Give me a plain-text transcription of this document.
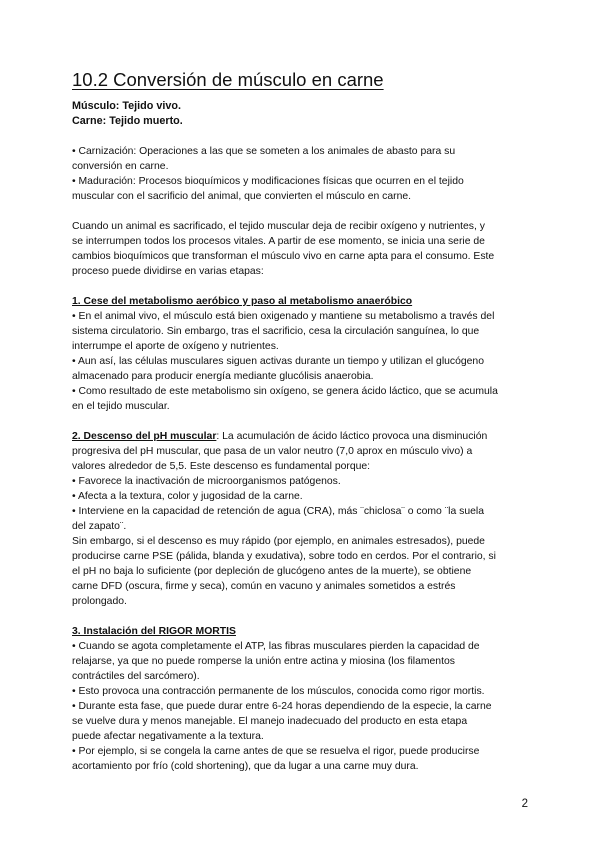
10.2 Conversión de músculo en carne
Músculo: Tejido vivo.
Carne: Tejido muerto.
• Carnización: Operaciones a las que se someten a los animales de abasto para su
conversión en carne.
• Maduración: Procesos bioquímicos y modificaciones físicas que ocurren en el tejido
muscular con el sacrificio del animal, que convierten el músculo en carne.
Cuando un animal es sacrificado, el tejido muscular deja de recibir oxígeno y nutrientes, y
se interrumpen todos los procesos vitales. A partir de ese momento, se inicia una serie de
cambios bioquímicos que transforman el músculo vivo en carne apta para el consumo. Este
proceso puede dividirse en varias etapas:
1. Cese del metabolismo aeróbico y paso al metabolismo anaeróbico
• En el animal vivo, el músculo está bien oxigenado y mantiene su metabolismo a través del
sistema circulatorio. Sin embargo, tras el sacrificio, cesa la circulación sanguínea, lo que
interrumpe el aporte de oxígeno y nutrientes.
• Aun así, las células musculares siguen activas durante un tiempo y utilizan el glucógeno
almacenado para producir energía mediante glucólisis anaerobia.
• Como resultado de este metabolismo sin oxígeno, se genera ácido láctico, que se acumula
en el tejido muscular.
2. Descenso del pH muscular: La acumulación de ácido láctico provoca una disminución
progresiva del pH muscular, que pasa de un valor neutro (7,0 aprox en músculo vivo) a
valores alrededor de 5,5. Este descenso es fundamental porque:
• Favorece la inactivación de microorganismos patógenos.
• Afecta a la textura, color y jugosidad de la carne.
• Interviene en la capacidad de retención de agua (CRA), más ¨chiclosa¨ o como ¨la suela
del zapato¨.
Sin embargo, si el descenso es muy rápido (por ejemplo, en animales estresados), puede
producirse carne PSE (pálida, blanda y exudativa), sobre todo en cerdos. Por el contrario, si
el pH no baja lo suficiente (por depleción de glucógeno antes de la muerte), se obtiene
carne DFD (oscura, firme y seca), común en vacuno y animales sometidos a estrés
prolongado.
3. Instalación del RIGOR MORTIS
• Cuando se agota completamente el ATP, las fibras musculares pierden la capacidad de
relajarse, ya que no puede romperse la unión entre actina y miosina (los filamentos
contráctiles del sarcómero).
• Esto provoca una contracción permanente de los músculos, conocida como rigor mortis.
• Durante esta fase, que puede durar entre 6-24 horas dependiendo de la especie, la carne
se vuelve dura y menos manejable. El manejo inadecuado del producto en esta etapa
puede afectar negativamente a la textura.
• Por ejemplo, si se congela la carne antes de que se resuelva el rigor, puede producirse
acortamiento por frío (cold shortening), que da lugar a una carne muy dura.
2
